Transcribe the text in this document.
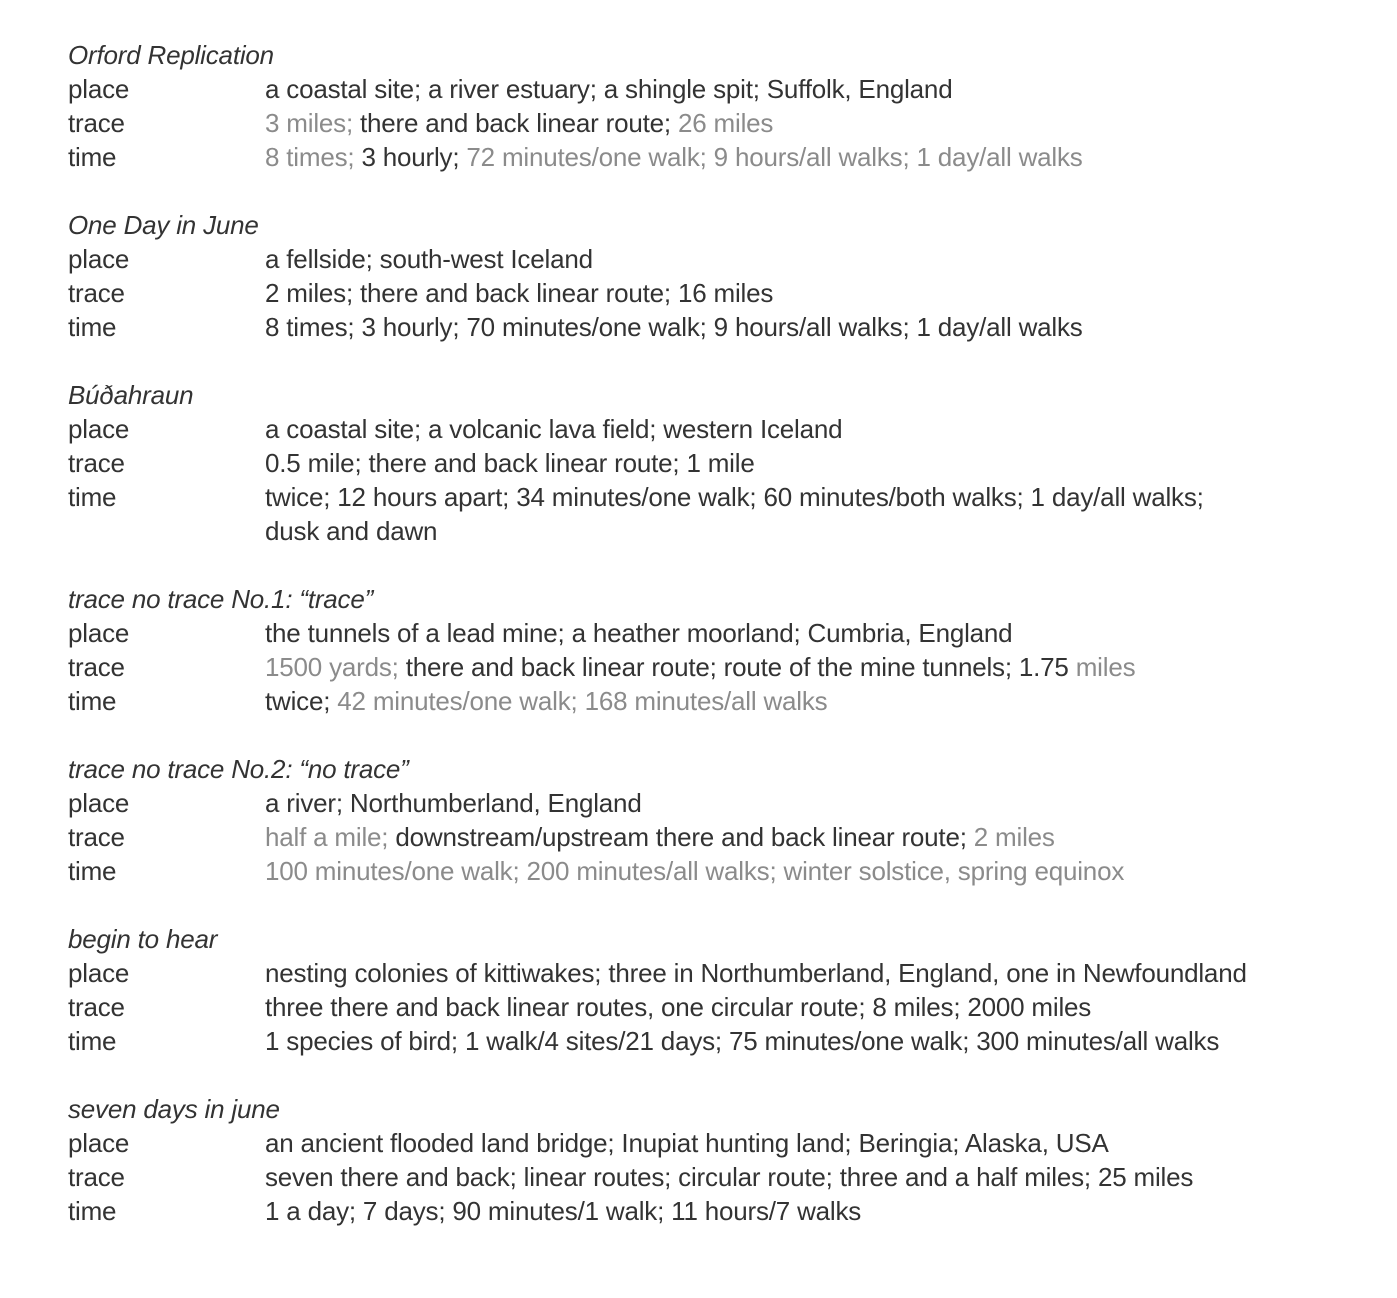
Orford Replication
place	a coastal site; a river estuary; a shingle spit; Suffolk, England
trace	3 miles; there and back linear route; 26 miles
time	8 times; 3 hourly; 72 minutes/one walk; 9 hours/all walks; 1 day/all walks
One Day in June
place	a fellside; south-west Iceland
trace	2 miles; there and back linear route; 16 miles
time	8 times; 3 hourly; 70 minutes/one walk; 9 hours/all walks; 1 day/all walks
Búðahraun
place	a coastal site; a volcanic lava field; western Iceland
trace	0.5 mile; there and back linear route; 1 mile
time	twice; 12 hours apart; 34 minutes/one walk; 60 minutes/both walks; 1 day/all walks;
dusk and dawn
trace no trace No.1: “trace”
place	the tunnels of a lead mine; a heather moorland; Cumbria, England
trace	1500 yards; there and back linear route; route of the mine tunnels; 1.75 miles
time	twice; 42 minutes/one walk; 168 minutes/all walks
trace no trace No.2: “no trace”
place	a river; Northumberland, England
trace	half a mile; downstream/upstream there and back linear route; 2 miles
time	100 minutes/one walk; 200 minutes/all walks; winter solstice, spring equinox
begin to hear
place	nesting colonies of kittiwakes; three in Northumberland, England, one in Newfoundland
trace	three there and back linear routes, one circular route; 8 miles; 2000 miles
time	1 species of bird; 1 walk/4 sites/21 days; 75 minutes/one walk; 300 minutes/all walks
seven days in june
place	an ancient flooded land bridge; Inupiat hunting land; Beringia; Alaska, USA
trace	seven there and back; linear routes; circular route; three and a half miles; 25 miles
time	1 a day; 7 days; 90 minutes/1 walk; 11 hours/7 walks
